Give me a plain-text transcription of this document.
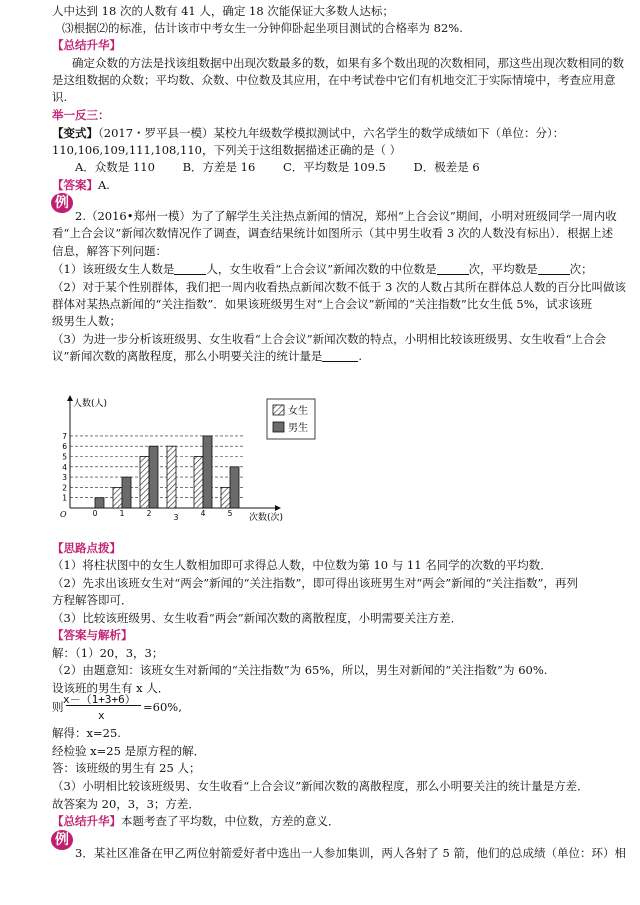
人中达到 18 次的人数有 41 人，确定 18 次能保证大多数人达标；
⑶根据⑵的标准，估计该市中考女生一分钟仰卧起坐项目测试的合格率为 82%.
【总结升华】
确定众数的方法是找该组数据中出现次数最多的数，如果有多个数出现的次数相同，那这些出现次数相同的数
是这组数据的众数；平均数、众数、中位数及其应用，在中考试卷中它们有机地交汇于实际情境中，考查应用意
识.
举一反三：
【变式】（2017・罗平县一模）某校九年级数学模拟测试中，六名学生的数学成绩如下（单位：分）：
110,106,109,111,108,110，下列关于这组数据描述正确的是（ ）
A．众数是 110 B．方差是 16 C．平均数是 109.5 D．极差是 6
【答案】A.
例
2.（2016•郑州一模）为了了解学生关注热点新闻的情况，郑州“上合会议”期间，小明对班级同学一周内收
看“上合会议”新闻次数情况作了调查，调查结果统计如图所示（其中男生收看 3 次的人数没有标出）．根据上述
信息，解答下列问题：
（1）该班级女生人数是	人，女生收看“上合会议”新闻次数的中位数是	次，平均数是	次；
（2）对于某个性别群体，我们把一周内收看热点新闻次数不低于 3 次的人数占其所在群体总人数的百分比叫做该
群体对某热点新闻的“关注指数”．如果该班级男生对“上合会议”新闻的“关注指数”比女生低 5%，试求该班
级男生人数；
（3）为进一步分析该班级男、女生收看“上合会议”新闻次数的特点，小明相比较该班级男、女生收看“上合会
议”新闻次数的离散程度，那么小明要关注的统计量是	.
1
2
3
4
5
6
7
人数(人)
次数(次)
O	0	1	2	3	4	5
女生
男生
【思路点拨】
（1）将柱状图中的女生人数相加即可求得总人数，中位数为第 10 与 11 名同学的次数的平均数．
（2）先求出该班女生对“两会”新闻的“关注指数”，即可得出该班男生对“两会”新闻的“关注指数”，再列
方程解答即可．
（3）比较该班级男、女生收看“两会”新闻次数的离散程度，小明需要关注方差．
【答案与解析】
解：（1）20，3，3；
（2）由题意知：该班女生对新闻的“关注指数”为 65%，所以，男生对新闻的“关注指数”为 60%.
设该班的男生有 x 人．
则
x－（1+3+6）
x
=60%,
解得：x=25.
经检验 x=25 是原方程的解．
答：该班级的男生有 25 人；
（3）小明相比较该班级男、女生收看“上合会议”新闻次数的离散程度，那么小明要关注的统计量是方差．
故答案为 20，3，3；方差．
【总结升华】本题考查了平均数，中位数，方差的意义．
例
3．某社区准备在甲乙两位射箭爱好者中选出一人参加集训，两人各射了 5 箭，他们的总成绩（单位：环）相
